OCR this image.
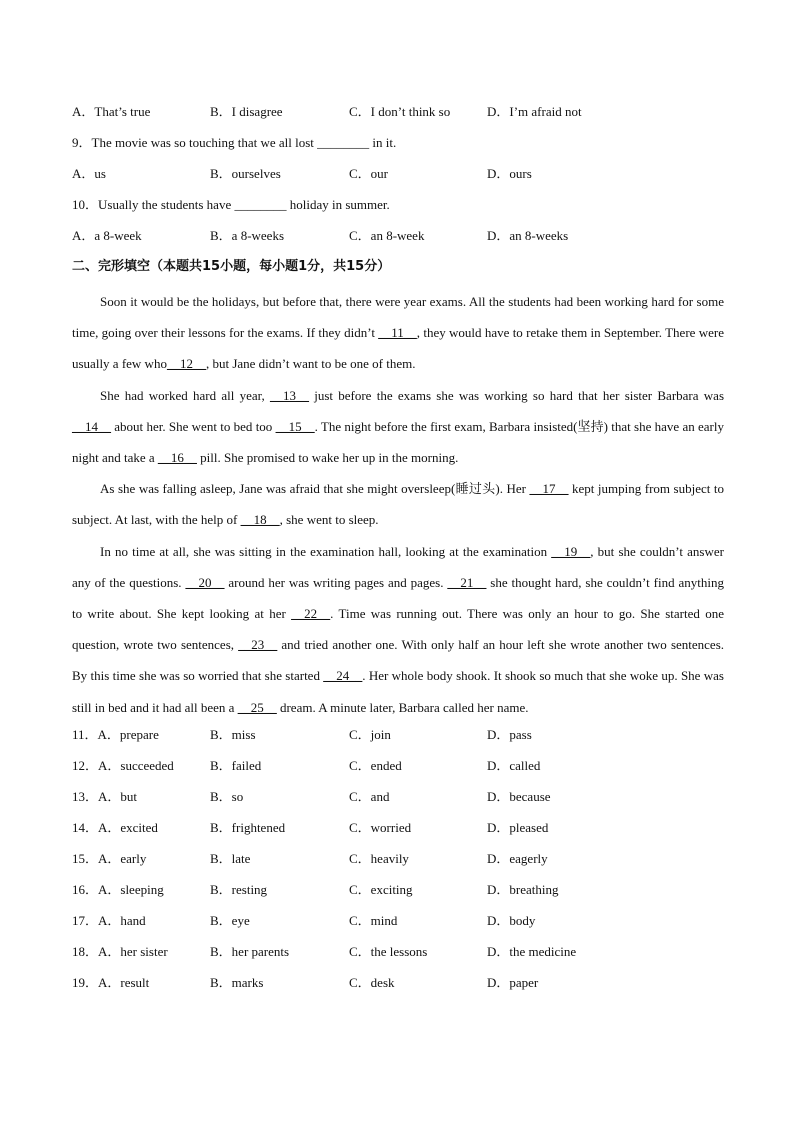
A．That’s true	B．I disagree	C．I don’t think so	D．I’m afraid not
9．The movie was so touching that we all lost ________ in it.
A．us	B．ourselves	C．our	D．ours
10．Usually the students have ________ holiday in summer.
A．a 8-week	B．a 8-weeks	C．an 8-week	D．an 8-weeks
二、完形填空（本题共15小题，每小题1分，共15分）

Soon it would be the holidays, but before that, there were year exams. All the students had been working hard for some time, going over their lessons for the exams. If they didn’t __11__, they would have to retake them in September. There were usually a few who__12__, but Jane didn’t want to be one of them.

She had worked hard all year, __13__ just before the exams she was working so hard that her sister Barbara was __14__ about her. She went to bed too __15__. The night before the first exam, Barbara insisted(坚持) that she have an early night and take a __16__ pill. She promised to wake her up in the morning.

As she was falling asleep, Jane was afraid that she might oversleep(睡过头). Her __17__ kept jumping from subject to subject. At last, with the help of __18__, she went to sleep.

In no time at all, she was sitting in the examination hall, looking at the examination __19__, but she couldn’t answer any of the questions. __20__ around her was writing pages and pages. __21__ she thought hard, she couldn’t find anything to write about. She kept looking at her __22__. Time was running out. There was only an hour to go. She started one question, wrote two sentences, __23__ and tried another one. With only half an hour left she wrote another two sentences. By this time she was so worried that she started __24__. Her whole body shook. It shook so much that she woke up. She was still in bed and it had all been a __25__ dream. A minute later, Barbara called her name.

11．A．prepare	B．miss	C．join	D．pass
12．A．succeeded	B．failed	C．ended	D．called
13．A．but	B．so	C．and	D．because
14．A．excited	B．frightened	C．worried	D．pleased
15．A．early	B．late	C．heavily	D．eagerly
16．A．sleeping	B．resting	C．exciting	D．breathing
17．A．hand	B．eye	C．mind	D．body
18．A．her sister	B．her parents	C．the lessons	D．the medicine
19．A．result	B．marks	C．desk	D．paper
